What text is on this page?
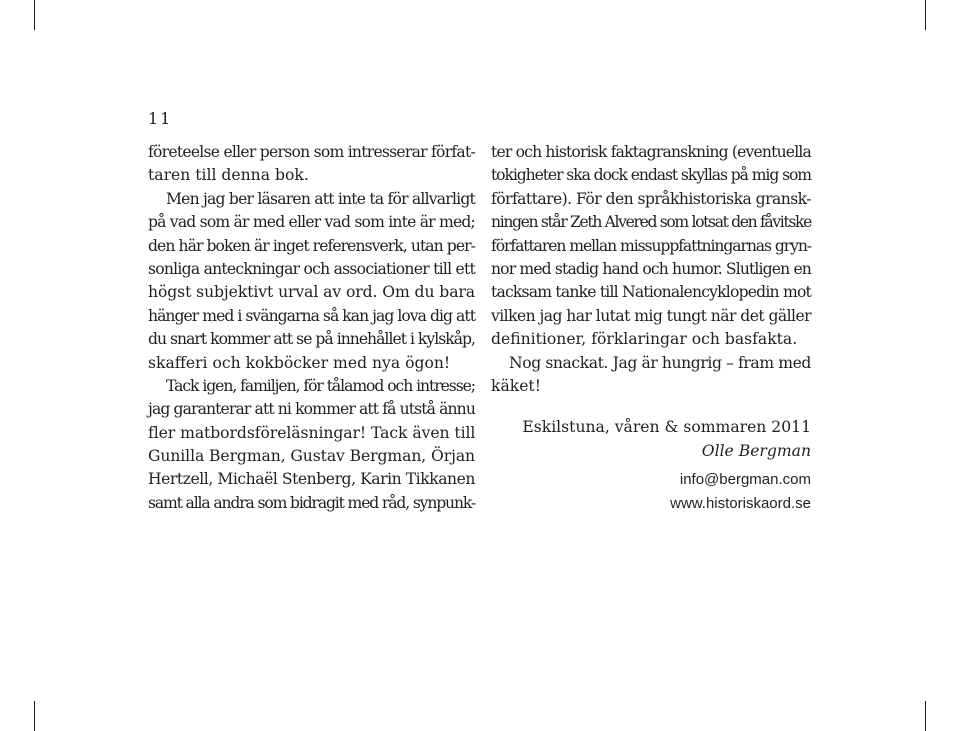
11
företeelse eller person som intresserar förfat-
taren till denna bok.
Men jag ber läsaren att inte ta för allvarligt
på vad som är med eller vad som inte är med;
den här boken är inget referensverk, utan per-
sonliga anteckningar och associationer till ett
högst subjektivt urval av ord. Om du bara
hänger med i svängarna så kan jag lova dig att
du snart kommer att se på innehållet i kylskåp,
skafferi och kokböcker med nya ögon!
Tack igen, familjen, för tålamod och intresse;
jag garanterar att ni kommer att få utstå ännu
fler matbordsföreläsningar! Tack även till
Gunilla Bergman, Gustav Bergman, Örjan
Hertzell, Michaël Stenberg, Karin Tikkanen
samt alla andra som bidragit med råd, synpunk-
ter och historisk faktagranskning (eventuella
tokigheter ska dock endast skyllas på mig som
författare). För den språkhistoriska gransk-
ningen står Zeth Alvered som lotsat den fåvitske
författaren mellan missuppfattningarnas gryn-
nor med stadig hand och humor. Slutligen en
tacksam tanke till Nationalencyklopedin mot
vilken jag har lutat mig tungt när det gäller
definitioner, förklaringar och basfakta.
Nog snackat. Jag är hungrig – fram med
käket!
Eskilstuna, våren & sommaren 2011
Olle Bergman
info@bergman.com
www.historiskaord.se
